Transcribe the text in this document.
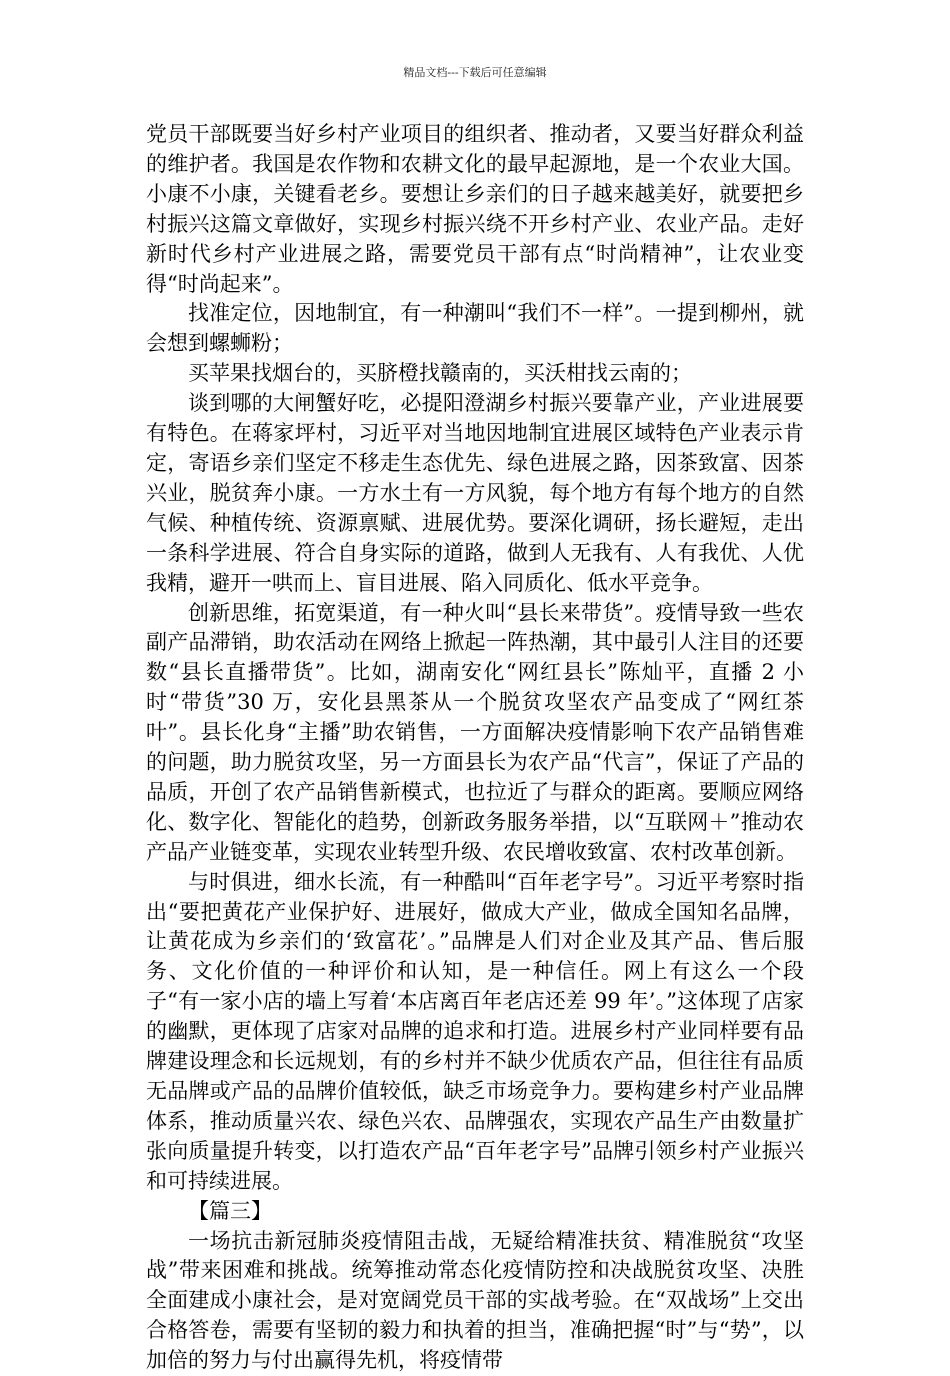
精品文档---下载后可任意编辑

党员干部既要当好乡村产业项目的组织者、推动者，又要当好群众利益的维护者。我国是农作物和农耕文化的最早起源地，是一个农业大国。小康不小康，关键看老乡。要想让乡亲们的日子越来越美好，就要把乡村振兴这篇文章做好，实现乡村振兴绕不开乡村产业、农业产品。走好新时代乡村产业进展之路，需要党员干部有点“时尚精神”，让农业变得“时尚起来”。

找准定位，因地制宜，有一种潮叫“我们不一样”。一提到柳州，就会想到螺蛳粉；

买苹果找烟台的，买脐橙找赣南的，买沃柑找云南的；

谈到哪的大闸蟹好吃，必提阳澄湖乡村振兴要靠产业，产业进展要有特色。在蒋家坪村，习近平对当地因地制宜进展区域特色产业表示肯定，寄语乡亲们坚定不移走生态优先、绿色进展之路，因茶致富、因茶兴业，脱贫奔小康。一方水土有一方风貌，每个地方有每个地方的自然气候、种植传统、资源禀赋、进展优势。要深化调研，扬长避短，走出一条科学进展、符合自身实际的道路，做到人无我有、人有我优、人优我精，避开一哄而上、盲目进展、陷入同质化、低水平竞争。

创新思维，拓宽渠道，有一种火叫“县长来带货”。疫情导致一些农副产品滞销，助农活动在网络上掀起一阵热潮，其中最引人注目的还要数“县长直播带货”。比如，湖南安化“网红县长”陈灿平，直播 2 小时“带货”30 万，安化县黑茶从一个脱贫攻坚农产品变成了“网红茶叶”。县长化身“主播”助农销售，一方面解决疫情影响下农产品销售难的问题，助力脱贫攻坚，另一方面县长为农产品“代言”，保证了产品的品质，开创了农产品销售新模式，也拉近了与群众的距离。要顺应网络化、数字化、智能化的趋势，创新政务服务举措，以“互联网＋”推动农产品产业链变革，实现农业转型升级、农民增收致富、农村改革创新。

与时俱进，细水长流，有一种酷叫“百年老字号”。习近平考察时指出“要把黄花产业保护好、进展好，做成大产业，做成全国知名品牌，让黄花成为乡亲们的‘致富花’。”品牌是人们对企业及其产品、售后服务、文化价值的一种评价和认知，是一种信任。网上有这么一个段子“有一家小店的墙上写着‘本店离百年老店还差 99 年’。”这体现了店家的幽默，更体现了店家对品牌的追求和打造。进展乡村产业同样要有品牌建设理念和长远规划，有的乡村并不缺少优质农产品，但往往有品质无品牌或产品的品牌价值较低，缺乏市场竞争力。要构建乡村产业品牌体系，推动质量兴农、绿色兴农、品牌强农，实现农产品生产由数量扩张向质量提升转变，以打造农产品“百年老字号”品牌引领乡村产业振兴和可持续进展。

【篇三】

一场抗击新冠肺炎疫情阻击战，无疑给精准扶贫、精准脱贫“攻坚战”带来困难和挑战。统筹推动常态化疫情防控和决战脱贫攻坚、决胜全面建成小康社会，是对宽阔党员干部的实战考验。在“双战场”上交出合格答卷，需要有坚韧的毅力和执着的担当，准确把握“时”与“势”，以加倍的努力与付出赢得先机，将疫情带
